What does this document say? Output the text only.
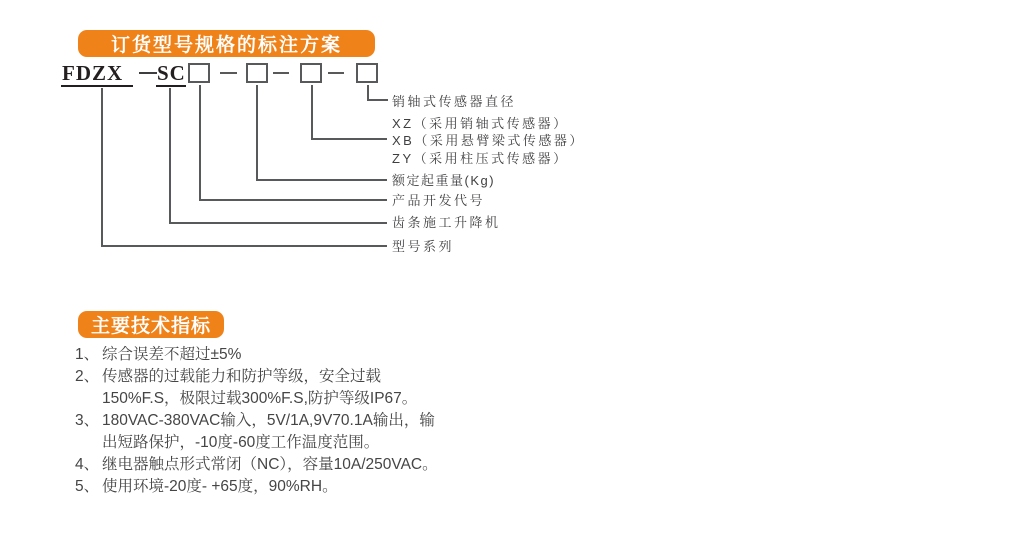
订货型号规格的标注方案
FDZX SC
销轴式传感器直径
XZ（采用销轴式传感器）
XB（采用悬臂梁式传感器）
ZY（采用柱压式传感器）
额定起重量(Kg)
产品开发代号
齿条施工升降机
型号系列
主要技术指标
1、 综合误差不超过±5%
2、 传感器的过载能力和防护等级，安全过载
150%F.S，极限过载300%F.S,防护等级IP67。
3、 180VAC-380VAC输入，5V/1A,9V70.1A输出，输
出短路保护，-10度-60度工作温度范围。
4、 继电器触点形式常闭（NC），容量10A/250VAC。
5、 使用环境-20度- +65度，90%RH。
